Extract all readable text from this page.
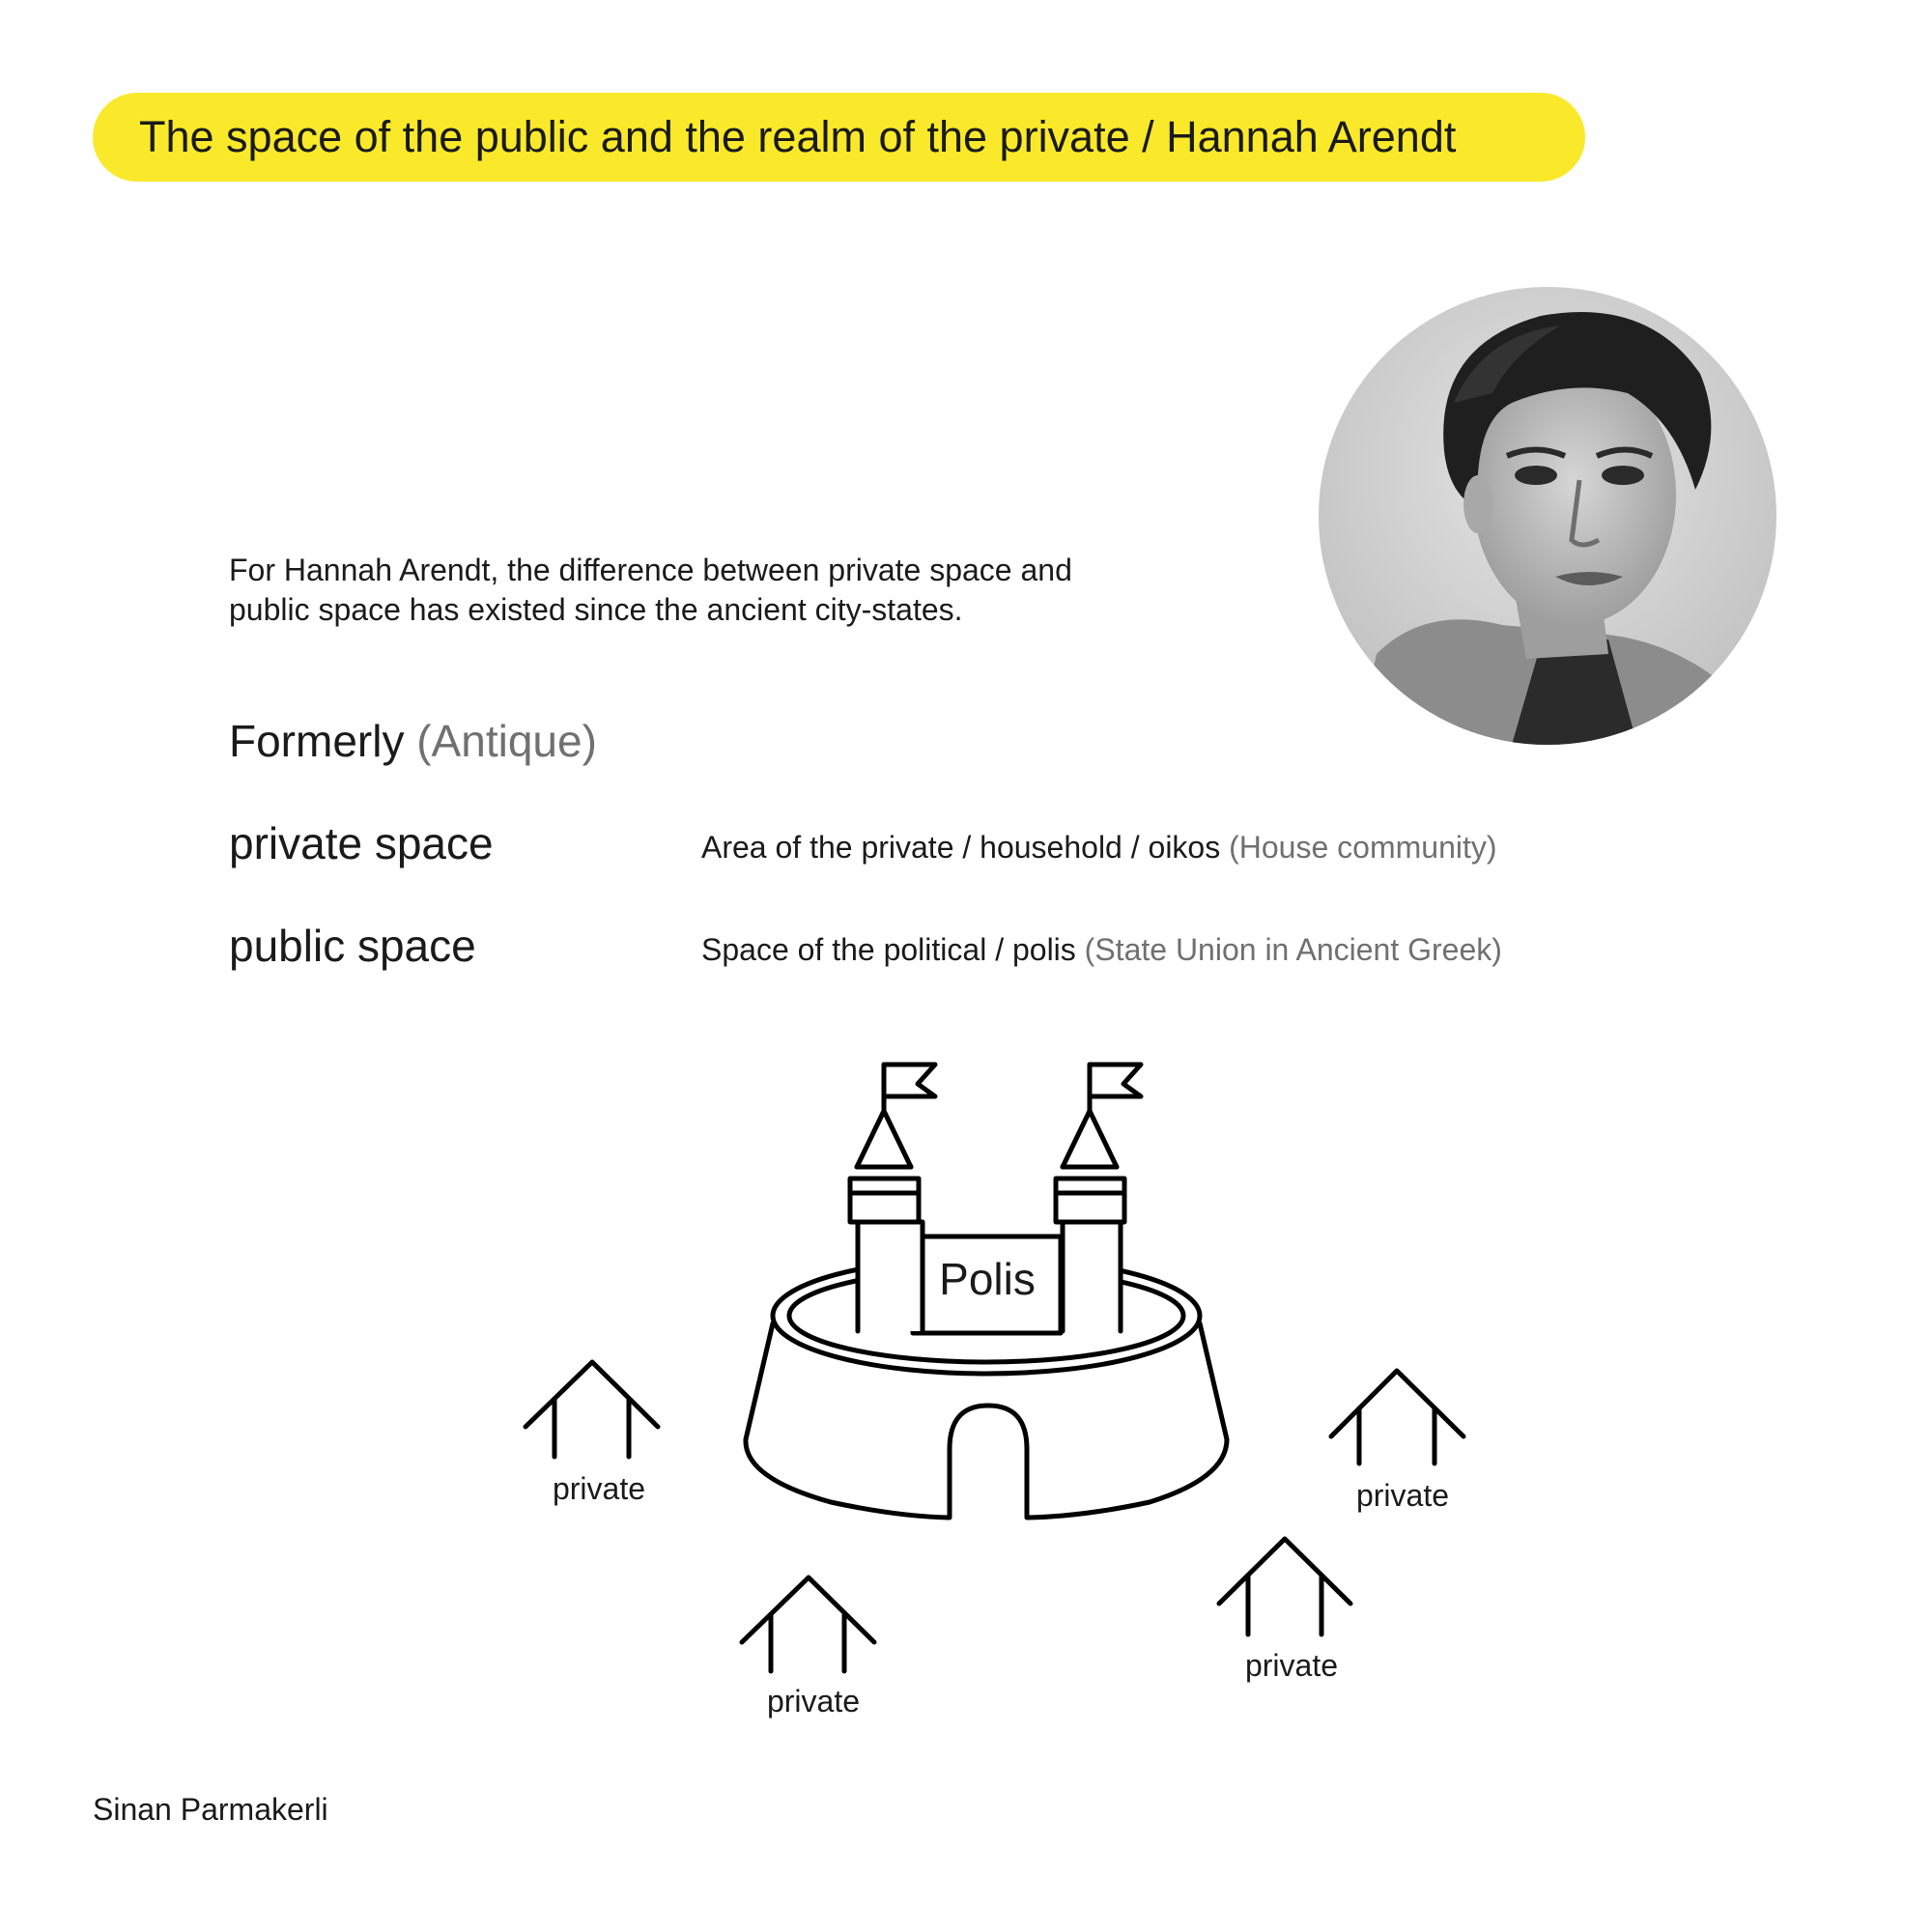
The space of the public and the realm of the private / Hannah Arendt
For Hannah Arendt, the difference between private space and
public space has existed since the ancient city-states.
Formerly (Antique)
private space	Area of the private / household / oikos (House community)
public space	Space of the political / polis (State Union in Ancient Greek)
Polis
private	private
private
private
Sinan Parmakerli
